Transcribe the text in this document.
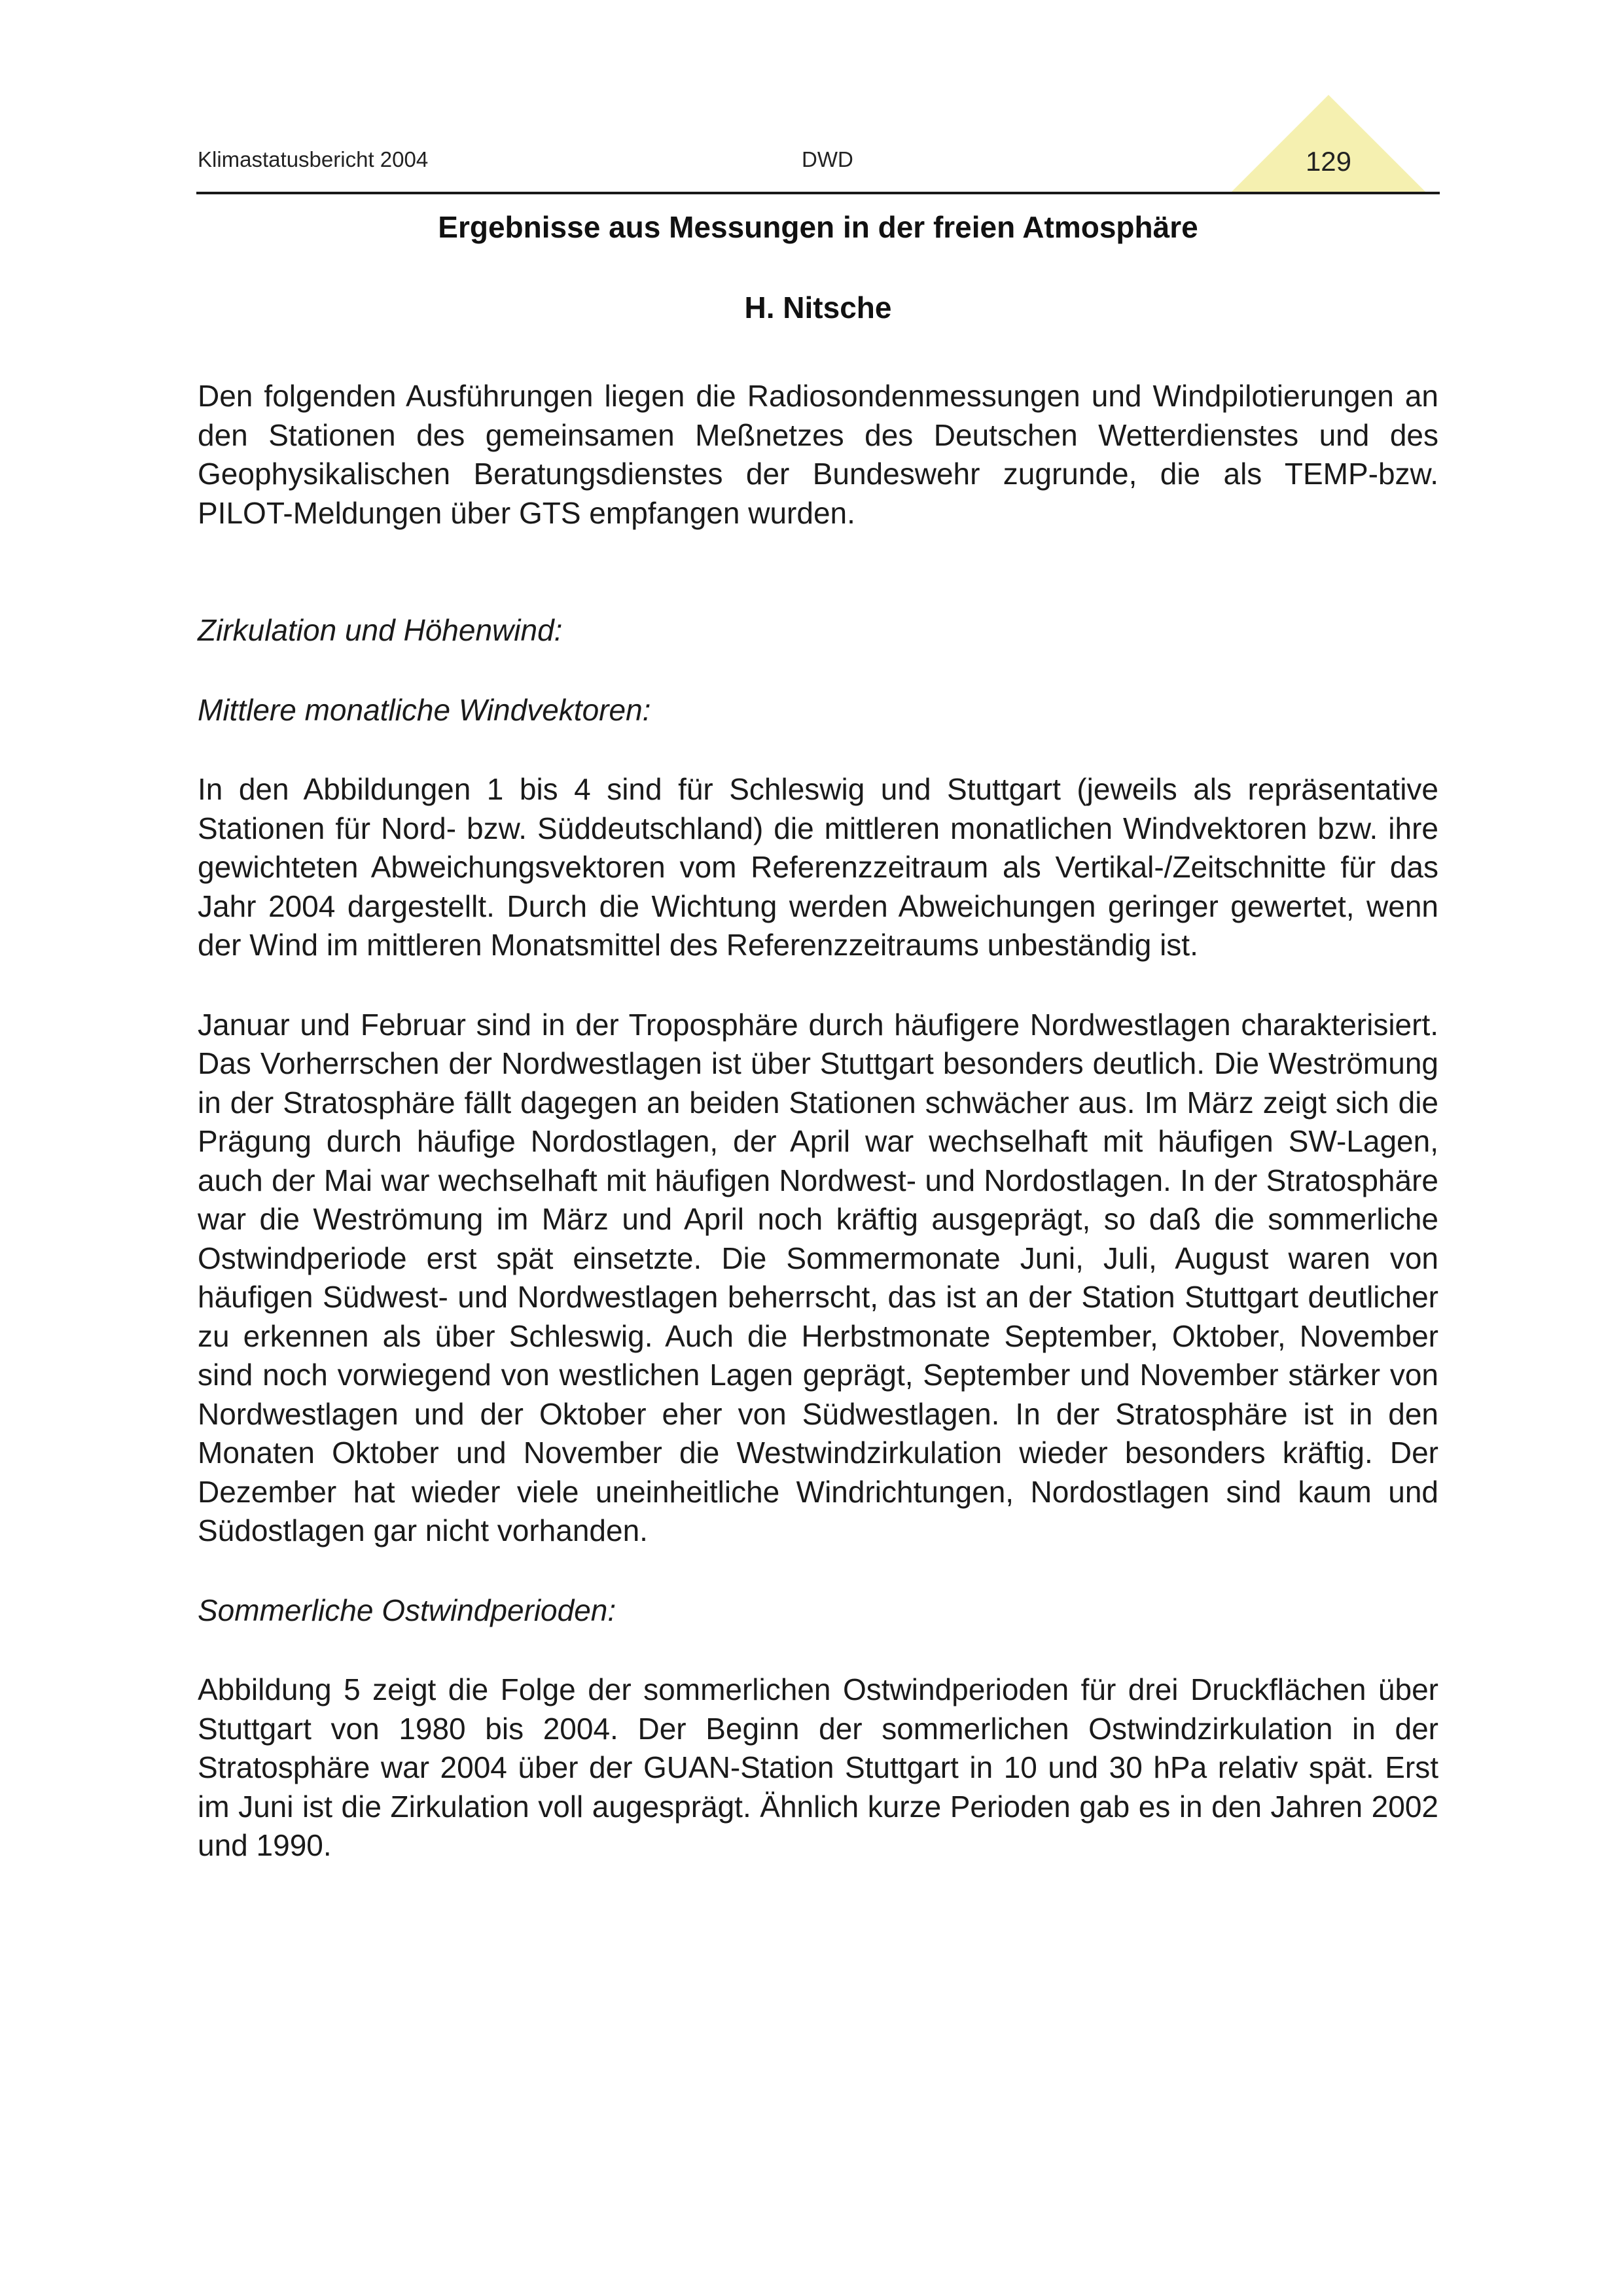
Klimastatusbericht 2004	DWD	129
Ergebnisse aus Messungen in der freien Atmosphäre
H. Nitsche

Den folgenden Ausführungen liegen die Radiosondenmessungen und Windpilotierungen an den Stationen des gemeinsamen Meßnetzes des Deutschen Wetterdienstes und des Geophysikalischen Beratungsdienstes der Bundeswehr zugrunde, die als TEMP-bzw. PILOT-Meldungen über GTS empfangen wurden.

Zirkulation und Höhenwind:

Mittlere monatliche Windvektoren:

In den Abbildungen 1 bis 4 sind für Schleswig und Stuttgart (jeweils als repräsentative Stationen für Nord- bzw. Süddeutschland) die mittleren monatlichen Windvektoren bzw. ihre gewichteten Abweichungsvektoren vom Referenzzeitraum als Vertikal-/Zeitschnitte für das Jahr 2004 dargestellt. Durch die Wichtung werden Abweichungen geringer gewertet, wenn der Wind im mittleren Monatsmittel des Referenzzeitraums unbeständig ist.

Januar und Februar sind in der Troposphäre durch häufigere Nordwestlagen charakterisiert. Das Vorherrschen der Nordwestlagen ist über Stuttgart besonders deutlich. Die Weströmung in der Stratosphäre fällt dagegen an beiden Stationen schwächer aus. Im März zeigt sich die Prägung durch häufige Nordostlagen, der April war wechselhaft mit häufigen SW-Lagen, auch der Mai war wechselhaft mit häufigen Nordwest- und Nordostlagen. In der Stratosphäre war die Weströmung im März und April noch kräftig ausgeprägt, so daß die sommerliche Ostwindperiode erst spät einsetzte. Die Sommermonate Juni, Juli, August waren von häufigen Südwest- und Nordwestlagen beherrscht, das ist an der Station Stuttgart deutlicher zu erkennen als über Schleswig. Auch die Herbstmonate September, Oktober, November sind noch vorwiegend von westlichen Lagen geprägt, September und November stärker von Nordwestlagen und der Oktober eher von Südwestlagen. In der Stratosphäre ist in den Monaten Oktober und November die Westwindzirkulation wieder besonders kräftig. Der Dezember hat wieder viele uneinheitliche Windrichtungen, Nordostlagen sind kaum und Südostlagen gar nicht vorhanden.

Sommerliche Ostwindperioden:

Abbildung 5 zeigt die Folge der sommerlichen Ostwindperioden für drei Druckflächen über Stuttgart von 1980 bis 2004. Der Beginn der sommerlichen Ostwindzirkulation in der Stratosphäre war 2004 über der GUAN-Station Stuttgart in 10 und 30 hPa relativ spät. Erst im Juni ist die Zirkulation voll augesprägt. Ähnlich kurze Perioden gab es in den Jahren 2002 und 1990.
